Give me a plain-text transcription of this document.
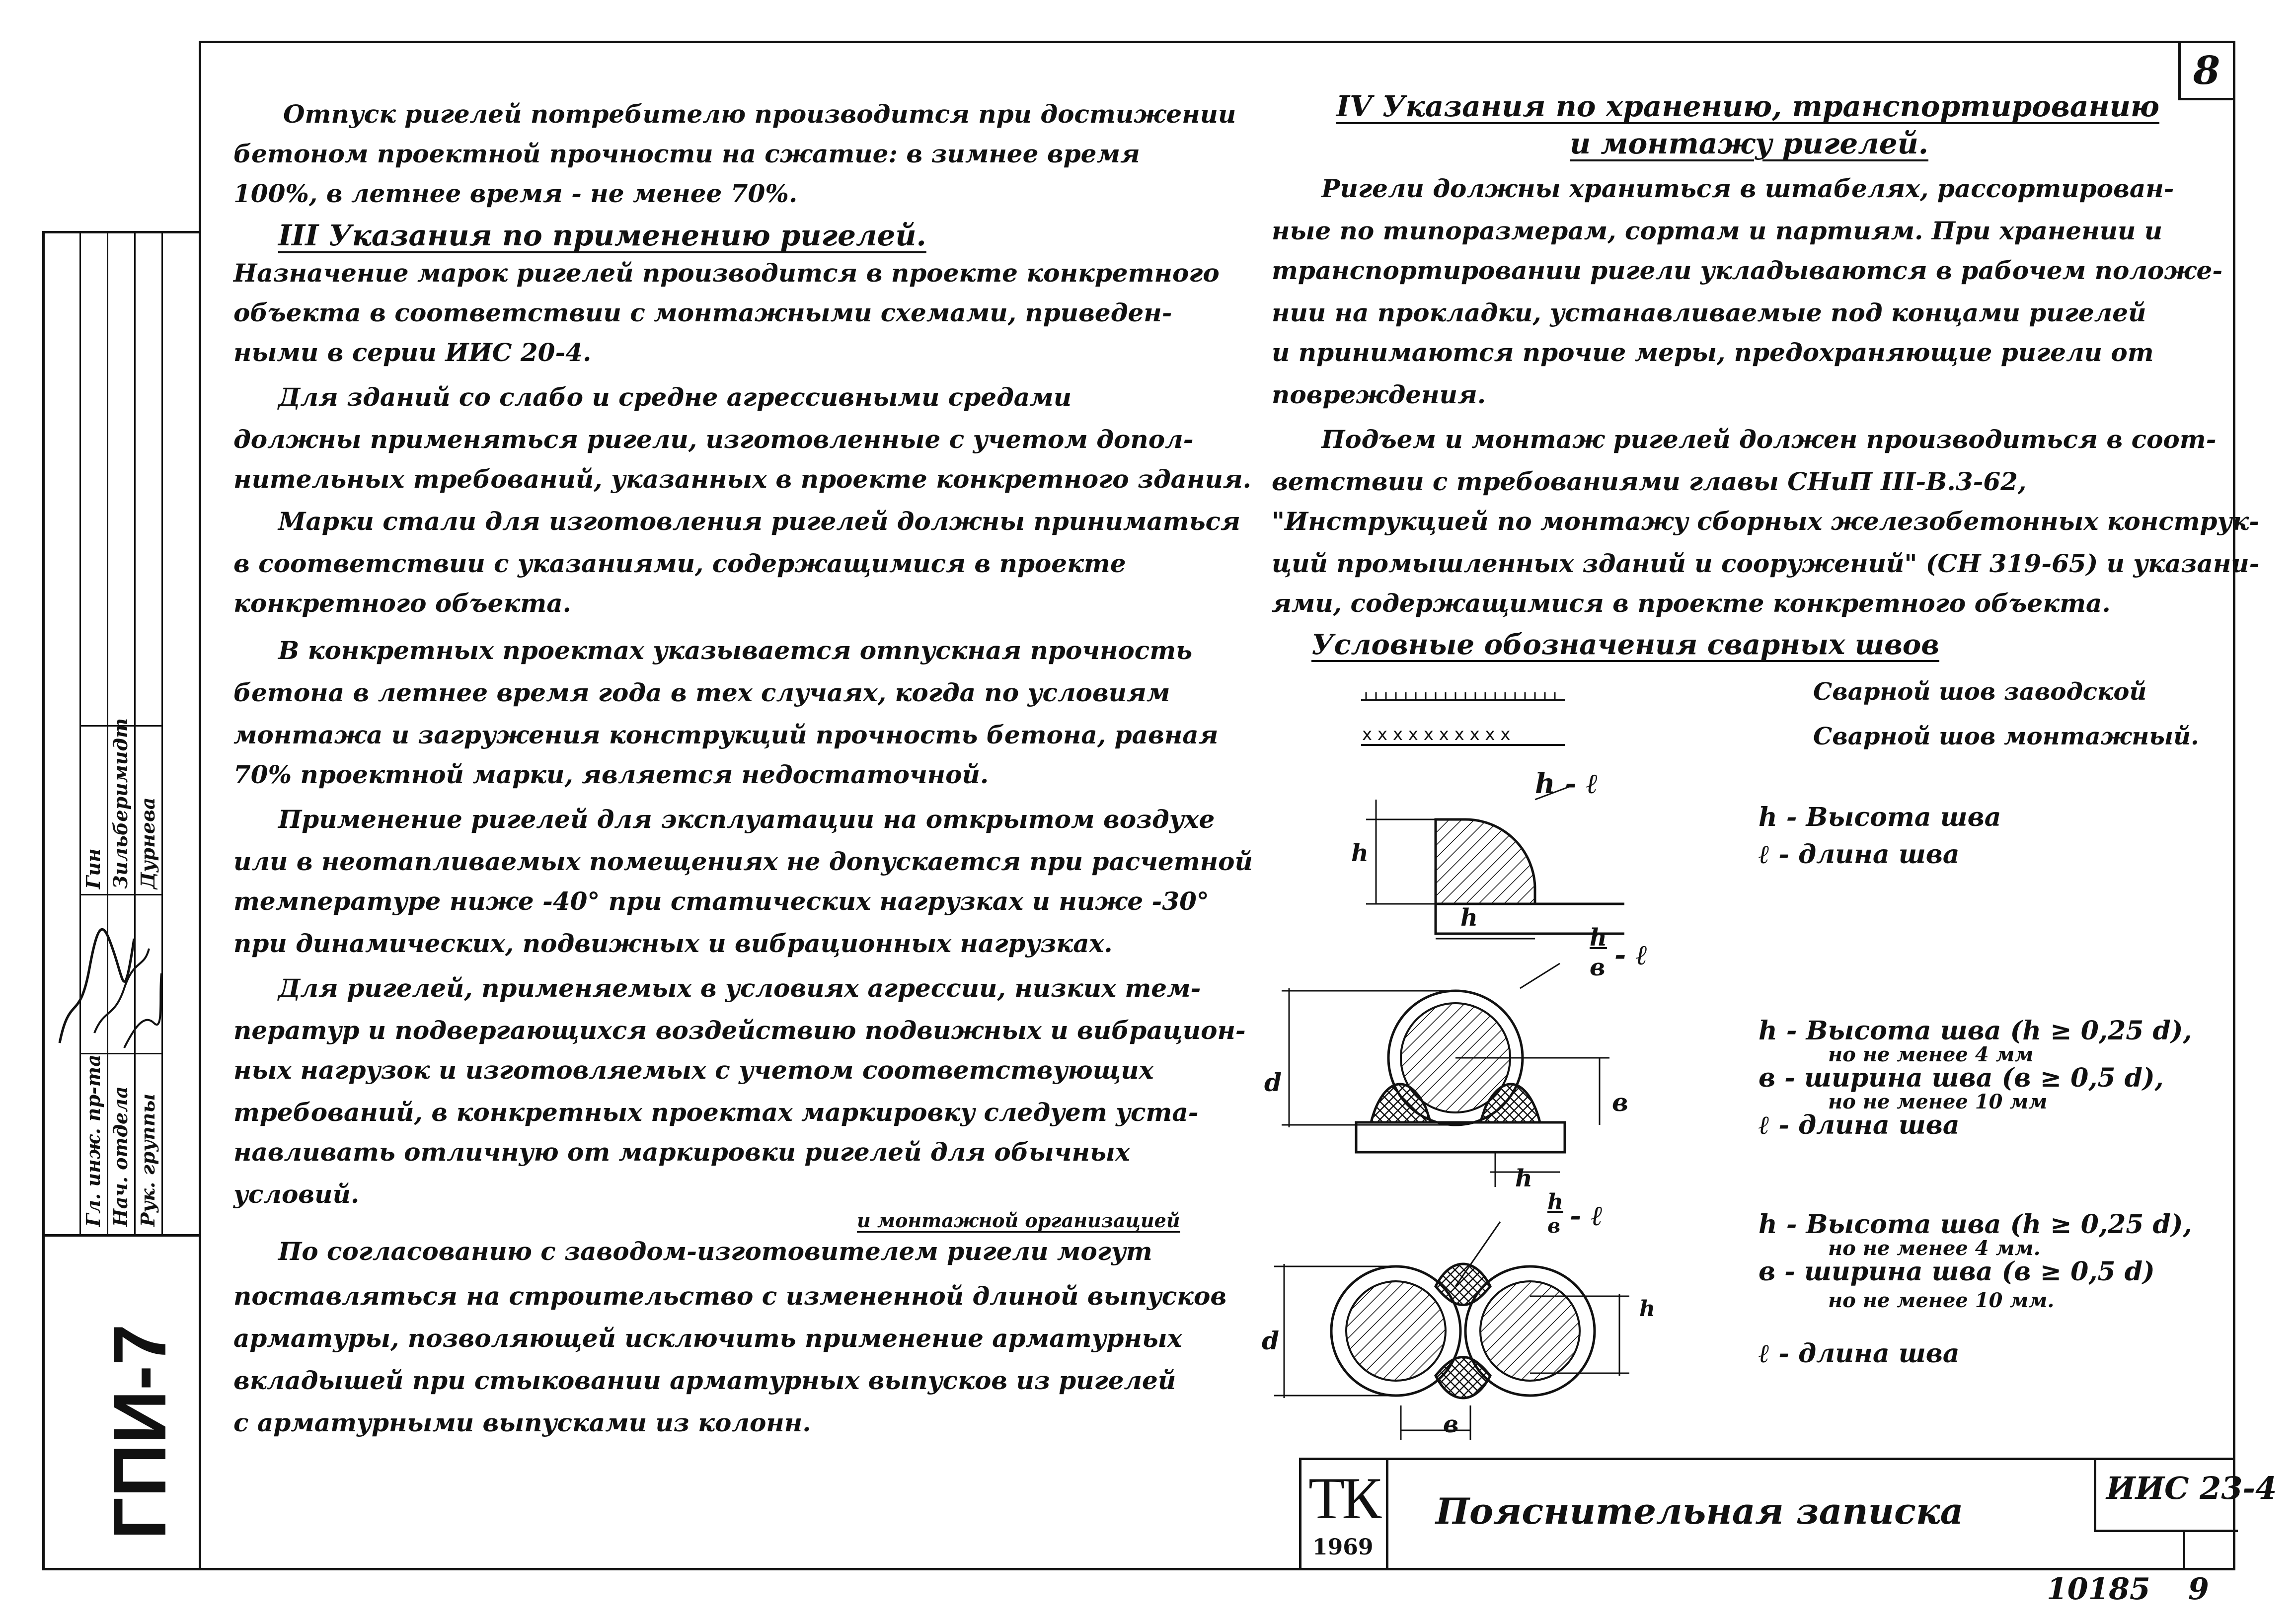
8
Гл. инж. пр-та Нач. отдела Рук. группы
Гин Зильберимидт Дурнева
ГПИ-7
Отпуск ригелей потребителю производится при достижении
бетоном проектной прочности на сжатие: в зимнее время
100%, в летнее время - не менее 70%.
III Указания по применению ригелей.
Назначение марок ригелей производится в проекте конкретного
объекта в соответствии с монтажными схемами, приведен-
ными в серии ИИС 20-4.
Для зданий со слабо и средне агрессивными средами
должны применяться ригели, изготовленные с учетом допол-
нительных требований, указанных в проекте конкретного здания.
Марки стали для изготовления ригелей должны приниматься
в соответствии с указаниями, содержащимися в проекте
конкретного объекта.
В конкретных проектах указывается отпускная прочность
бетона в летнее время года в тех случаях, когда по условиям
монтажа и загружения конструкций прочность бетона, равная
70% проектной марки, является недостаточной.
Применение ригелей для эксплуатации на открытом воздухе
или в неотапливаемых помещениях не допускается при расчетной
температуре ниже -40° при статических нагрузках и ниже -30°
при динамических, подвижных и вибрационных нагрузках.
Для ригелей, применяемых в условиях агрессии, низких тем-
ператур и подвергающихся воздействию подвижных и вибрацион-
ных нагрузок и изготовляемых с учетом соответствующих
требований, в конкретных проектах маркировку следует уста-
навливать отличную от маркировки ригелей для обычных
условий.
и монтажной организацией
По согласованию с заводом-изготовителем ригели могут
поставляться на строительство с измененной длиной выпусков
арматуры, позволяющей исключить применение арматурных
вкладышей при стыковании арматурных выпусков из ригелей
с арматурными выпусками из колонн.
IV Указания по хранению, транспортированию
и монтажу ригелей.
Ригели должны храниться в штабелях, рассортирован-
ные по типоразмерам, сортам и партиям. При хранении и
транспортировании ригели укладываются в рабочем положе-
нии на прокладки, устанавливаемые под концами ригелей
и принимаются прочие меры, предохраняющие ригели от
повреждения.
Подъем и монтаж ригелей должен производиться в соот-
ветствии с требованиями главы СНиП III-В.3-62,
"Инструкцией по монтажу сборных железобетонных конструк-
ций промышленных зданий и сооружений" (СН 319-65) и указани-
ями, содержащимися в проекте конкретного объекта.
Условные обозначения сварных швов
Сварной шов заводской
x x x x x x x x x x	Сварной шов монтажный.
h - ℓ
h
h
h - Высота шва
ℓ - длина шва
h
в - ℓ
d
в
h
h - Высота шва (h ≥ 0,25 d),
но не менее 4 мм
в - ширина шва (в ≥ 0,5 d),
но не менее 10 мм
ℓ - длина шва
h
в - ℓ
d
в
h
h - Высота шва (h ≥ 0,25 d),
но не менее 4 мм.
в - ширина шва (в ≥ 0,5 d)
но не менее 10 мм.
ℓ - длина шва
ТК
1969
Пояснительная записка
ИИС 23-4
10185 9
